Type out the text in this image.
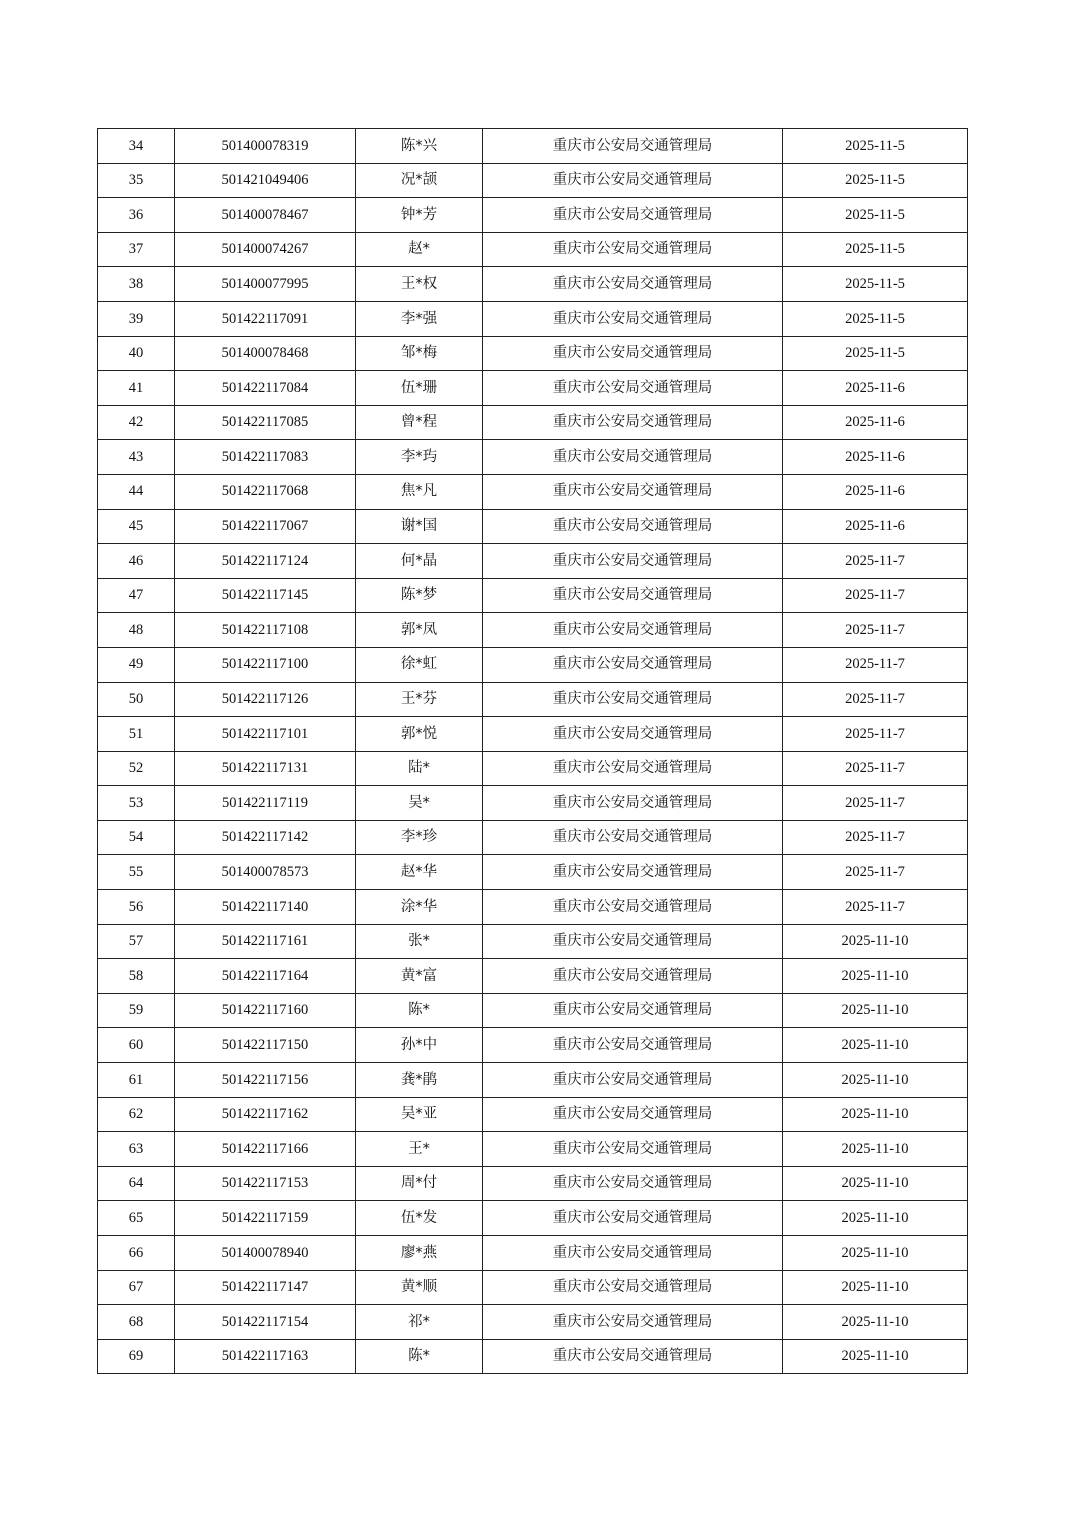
34	501400078319	陈*兴	重庆市公安局交通管理局	2025-11-5
35	501421049406	况*颉	重庆市公安局交通管理局	2025-11-5
36	501400078467	钟*芳	重庆市公安局交通管理局	2025-11-5
37	501400074267	赵*	重庆市公安局交通管理局	2025-11-5
38	501400077995	王*权	重庆市公安局交通管理局	2025-11-5
39	501422117091	李*强	重庆市公安局交通管理局	2025-11-5
40	501400078468	邹*梅	重庆市公安局交通管理局	2025-11-5
41	501422117084	伍*珊	重庆市公安局交通管理局	2025-11-6
42	501422117085	曾*程	重庆市公安局交通管理局	2025-11-6
43	501422117083	李*玙	重庆市公安局交通管理局	2025-11-6
44	501422117068	焦*凡	重庆市公安局交通管理局	2025-11-6
45	501422117067	谢*国	重庆市公安局交通管理局	2025-11-6
46	501422117124	何*晶	重庆市公安局交通管理局	2025-11-7
47	501422117145	陈*梦	重庆市公安局交通管理局	2025-11-7
48	501422117108	郭*凤	重庆市公安局交通管理局	2025-11-7
49	501422117100	徐*虹	重庆市公安局交通管理局	2025-11-7
50	501422117126	王*芬	重庆市公安局交通管理局	2025-11-7
51	501422117101	郭*悦	重庆市公安局交通管理局	2025-11-7
52	501422117131	陆*	重庆市公安局交通管理局	2025-11-7
53	501422117119	吴*	重庆市公安局交通管理局	2025-11-7
54	501422117142	李*珍	重庆市公安局交通管理局	2025-11-7
55	501400078573	赵*华	重庆市公安局交通管理局	2025-11-7
56	501422117140	涂*华	重庆市公安局交通管理局	2025-11-7
57	501422117161	张*	重庆市公安局交通管理局	2025-11-10
58	501422117164	黄*富	重庆市公安局交通管理局	2025-11-10
59	501422117160	陈*	重庆市公安局交通管理局	2025-11-10
60	501422117150	孙*中	重庆市公安局交通管理局	2025-11-10
61	501422117156	龚*鹃	重庆市公安局交通管理局	2025-11-10
62	501422117162	吴*亚	重庆市公安局交通管理局	2025-11-10
63	501422117166	王*	重庆市公安局交通管理局	2025-11-10
64	501422117153	周*付	重庆市公安局交通管理局	2025-11-10
65	501422117159	伍*发	重庆市公安局交通管理局	2025-11-10
66	501400078940	廖*燕	重庆市公安局交通管理局	2025-11-10
67	501422117147	黄*顺	重庆市公安局交通管理局	2025-11-10
68	501422117154	祁*	重庆市公安局交通管理局	2025-11-10
69	501422117163	陈*	重庆市公安局交通管理局	2025-11-10
